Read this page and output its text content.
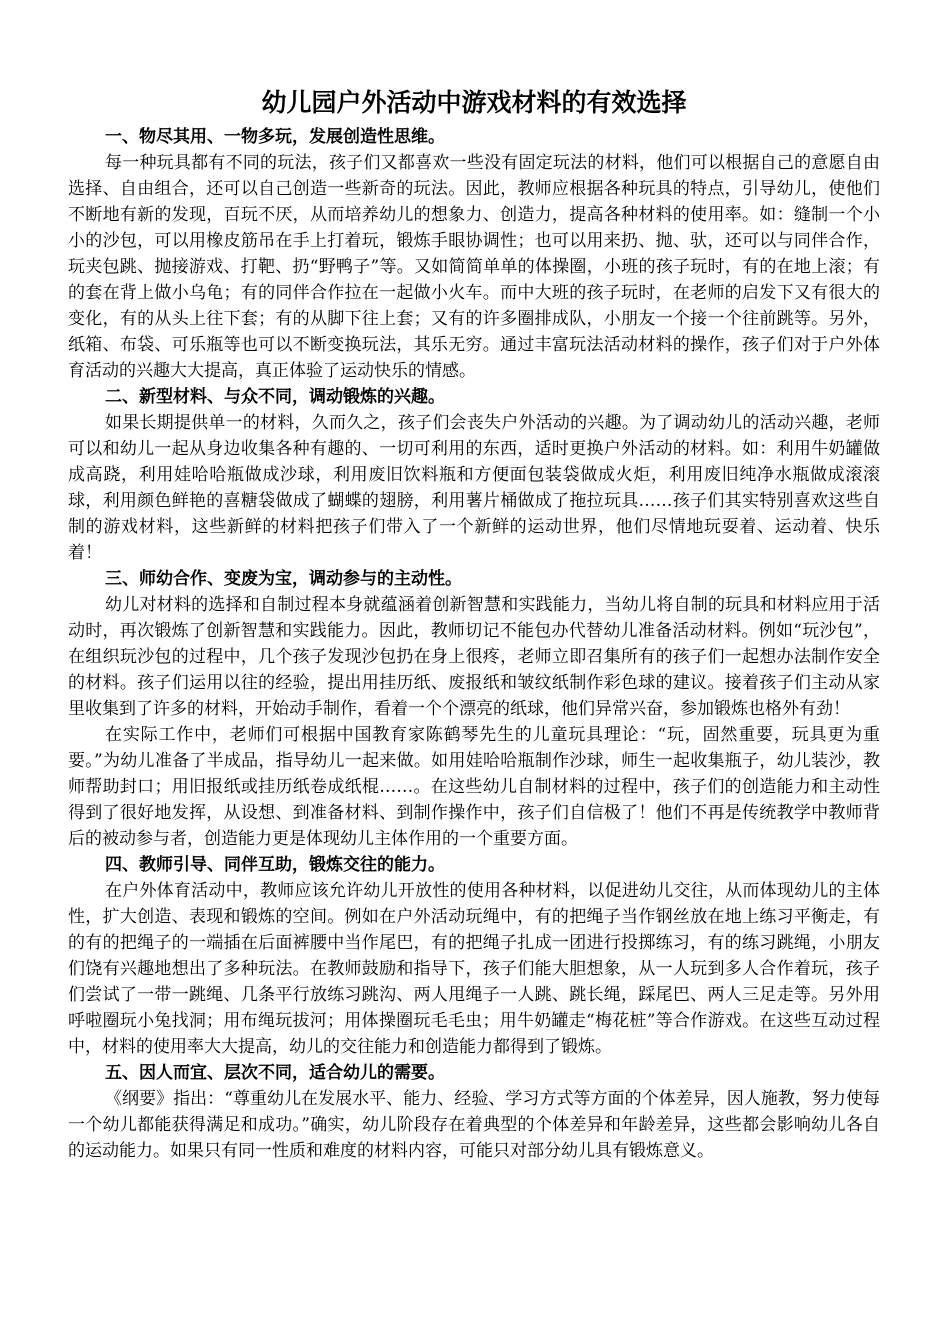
幼儿园户外活动中游戏材料的有效选择
一、物尽其用、一物多玩，发展创造性思维。

每一种玩具都有不同的玩法，孩子们又都喜欢一些没有固定玩法的材料，他们可以根据自己的意愿自由选择、自由组合，还可以自己创造一些新奇的玩法。因此，教师应根据各种玩具的特点，引导幼儿，使他们不断地有新的发现，百玩不厌，从而培养幼儿的想象力、创造力，提高各种材料的使用率。如：缝制一个小小的沙包，可以用橡皮筋吊在手上打着玩，锻炼手眼协调性；也可以用来扔、抛、驮，还可以与同伴合作，玩夹包跳、抛接游戏、打靶、扔“野鸭子”等。又如简简单单的体操圈，小班的孩子玩时，有的在地上滚；有的套在背上做小乌龟；有的同伴合作拉在一起做小火车。而中大班的孩子玩时，在老师的启发下又有很大的变化，有的从头上往下套；有的从脚下往上套；又有的许多圈排成队，小朋友一个接一个往前跳等。另外，纸箱、布袋、可乐瓶等也可以不断变换玩法，其乐无穷。通过丰富玩法活动材料的操作，孩子们对于户外体育活动的兴趣大大提高，真正体验了运动快乐的情感。

二、新型材料、与众不同，调动锻炼的兴趣。

如果长期提供单一的材料，久而久之，孩子们会丧失户外活动的兴趣。为了调动幼儿的活动兴趣，老师可以和幼儿一起从身边收集各种有趣的、一切可利用的东西，适时更换户外活动的材料。如：利用牛奶罐做成高跷，利用娃哈哈瓶做成沙球，利用废旧饮料瓶和方便面包装袋做成火炬，利用废旧纯净水瓶做成滚滚球，利用颜色鲜艳的喜糖袋做成了蝴蝶的翅膀，利用薯片桶做成了拖拉玩具……孩子们其实特别喜欢这些自制的游戏材料，这些新鲜的材料把孩子们带入了一个新鲜的运动世界，他们尽情地玩耍着、运动着、快乐着！

三、师幼合作、变废为宝，调动参与的主动性。

幼儿对材料的选择和自制过程本身就蕴涵着创新智慧和实践能力，当幼儿将自制的玩具和材料应用于活动时，再次锻炼了创新智慧和实践能力。因此，教师切记不能包办代替幼儿准备活动材料。例如“玩沙包”，在组织玩沙包的过程中，几个孩子发现沙包扔在身上很疼，老师立即召集所有的孩子们一起想办法制作安全的材料。孩子们运用以往的经验，提出用挂历纸、废报纸和皱纹纸制作彩色球的建议。接着孩子们主动从家里收集到了许多的材料，开始动手制作，看着一个个漂亮的纸球，他们异常兴奋，参加锻炼也格外有劲！

在实际工作中，老师们可根据中国教育家陈鹤琴先生的儿童玩具理论：“玩，固然重要，玩具更为重要。”为幼儿准备了半成品，指导幼儿一起来做。如用娃哈哈瓶制作沙球，师生一起收集瓶子，幼儿装沙，教师帮助封口；用旧报纸或挂历纸卷成纸棍……。在这些幼儿自制材料的过程中，孩子们的创造能力和主动性得到了很好地发挥，从设想、到准备材料、到制作操作中，孩子们自信极了！他们不再是传统教学中教师背后的被动参与者，创造能力更是体现幼儿主体作用的一个重要方面。

四、教师引导、同伴互助，锻炼交往的能力。

在户外体育活动中，教师应该允许幼儿开放性的使用各种材料，以促进幼儿交往，从而体现幼儿的主体性，扩大创造、表现和锻炼的空间。例如在户外活动玩绳中，有的把绳子当作钢丝放在地上练习平衡走，有的有的把绳子的一端插在后面裤腰中当作尾巴，有的把绳子扎成一团进行投掷练习，有的练习跳绳，小朋友们饶有兴趣地想出了多种玩法。在教师鼓励和指导下，孩子们能大胆想象，从一人玩到多人合作着玩，孩子们尝试了一带一跳绳、几条平行放练习跳沟、两人甩绳子一人跳、跳长绳，踩尾巴、两人三足走等。另外用呼啦圈玩小兔找洞；用布绳玩拔河；用体操圈玩毛毛虫；用牛奶罐走“梅花桩”等合作游戏。在这些互动过程中，材料的使用率大大提高，幼儿的交往能力和创造能力都得到了锻炼。

五、因人而宜、层次不同，适合幼儿的需要。

《纲要》指出：“尊重幼儿在发展水平、能力、经验、学习方式等方面的个体差异，因人施教，努力使每一个幼儿都能获得满足和成功。”确实，幼儿阶段存在着典型的个体差异和年龄差异，这些都会影响幼儿各自的运动能力。如果只有同一性质和难度的材料内容，可能只对部分幼儿具有锻炼意义。
